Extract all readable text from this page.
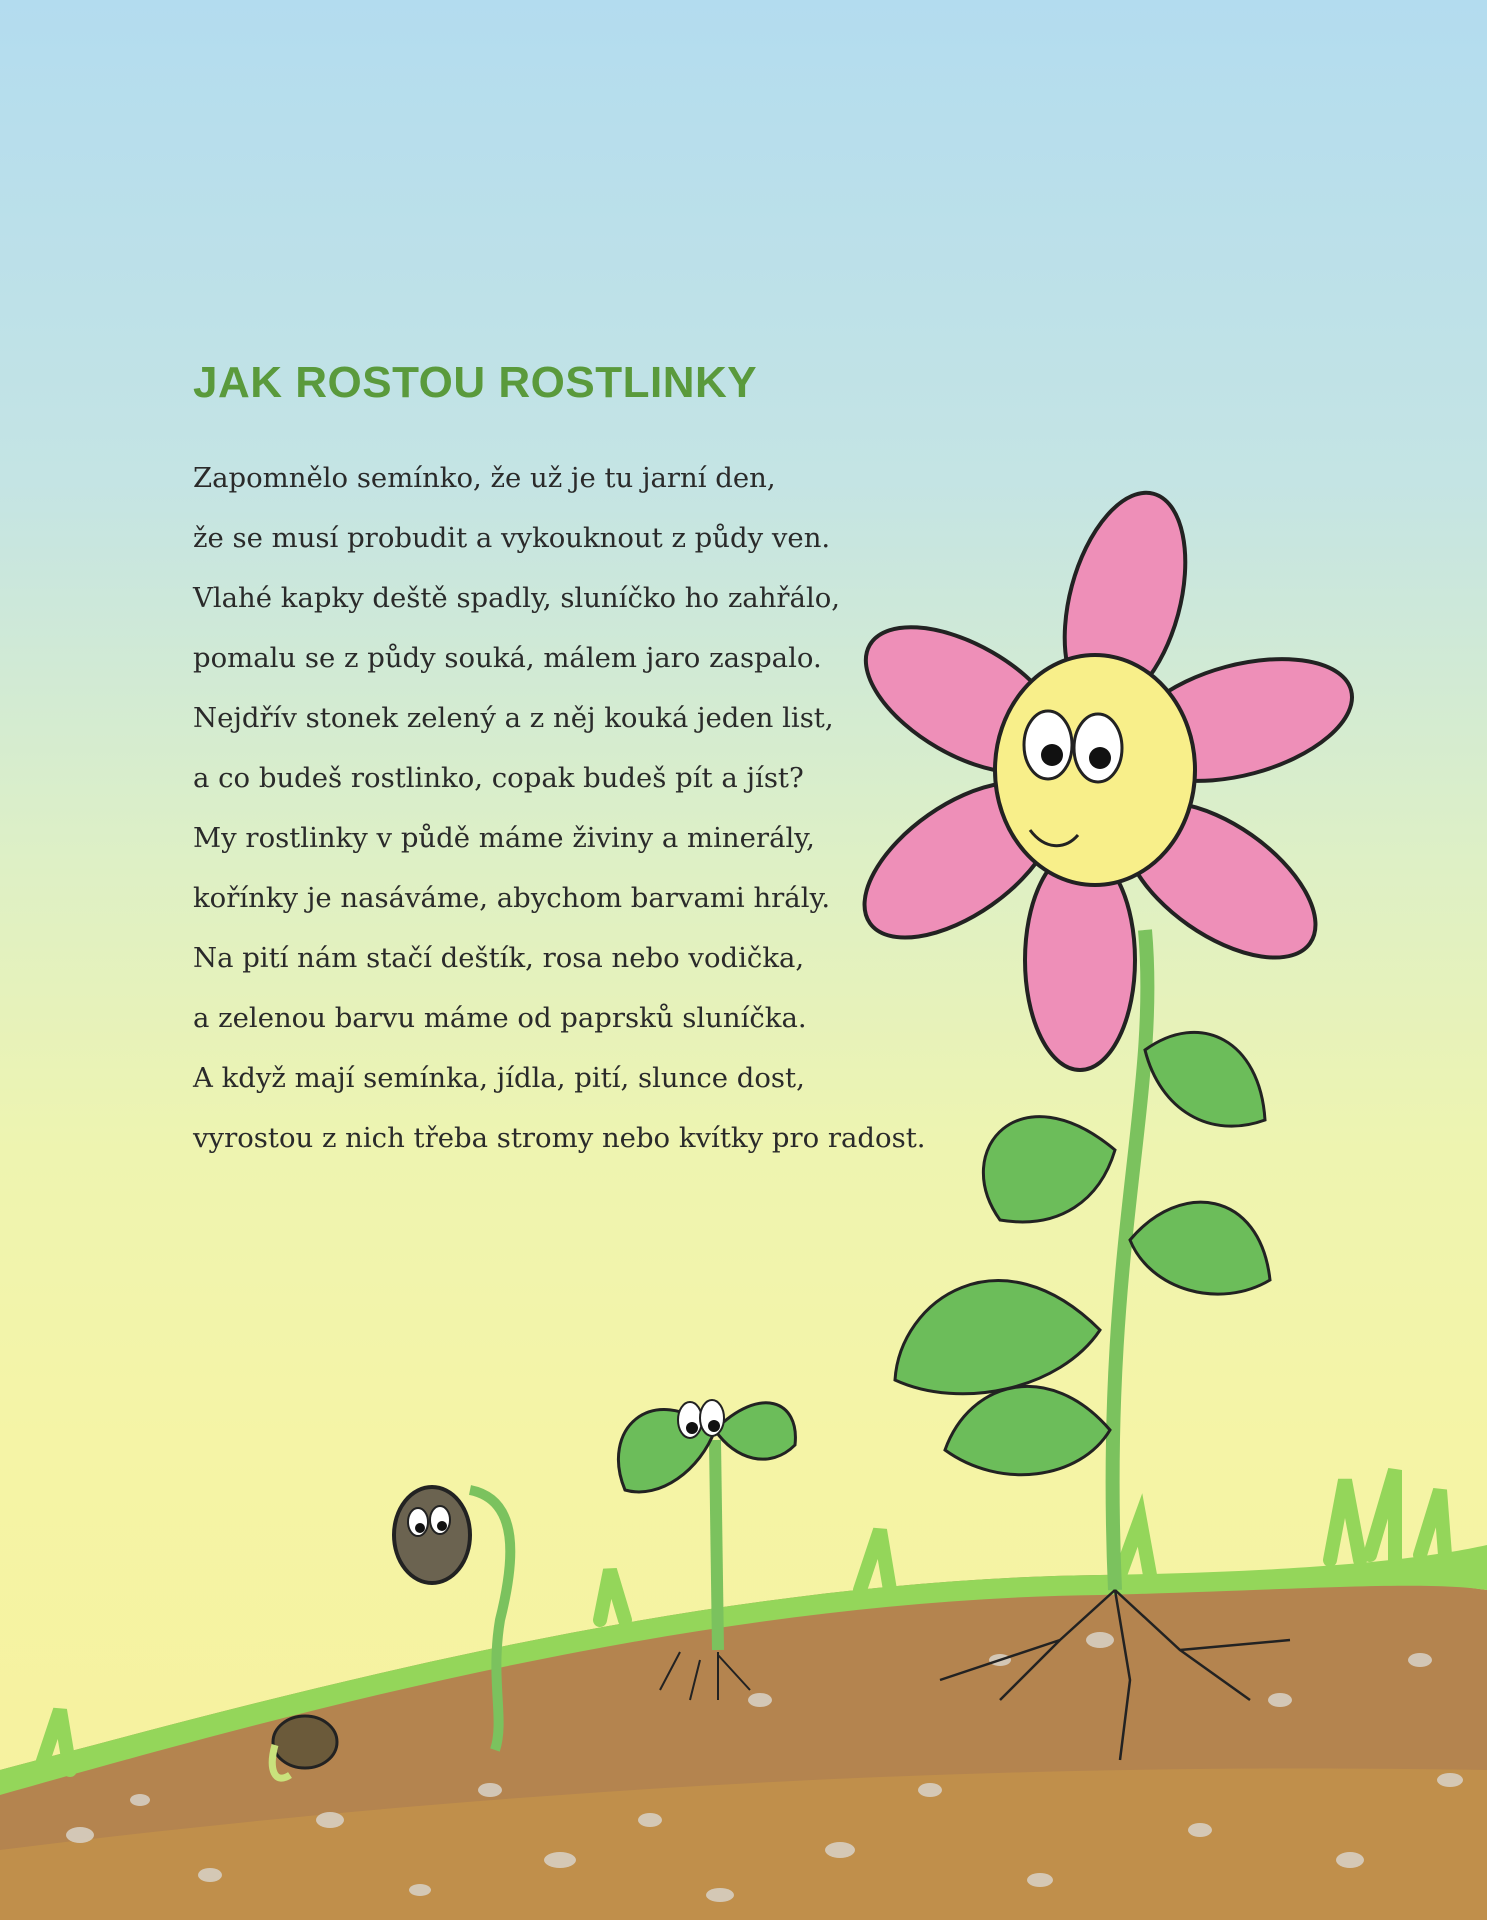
JAK ROSTOU ROSTLINKY
Zapomnělo semínko, že už je tu jarní den,
že se musí probudit a vykouknout z půdy ven.
Vlahé kapky deště spadly, sluníčko ho zahřálo,
pomalu se z půdy souká, málem jaro zaspalo.
Nejdřív stonek zelený a z něj kouká jeden list,
a co budeš rostlinko, copak budeš pít a jíst?
My rostlinky v půdě máme živiny a minerály,
kořínky je nasáváme, abychom barvami hrály.
Na pití nám stačí deštík, rosa nebo vodička,
a zelenou barvu máme od paprsků sluníčka.
A když mají semínka, jídla, pití, slunce dost,
vyrostou z nich třeba stromy nebo kvítky pro radost.
